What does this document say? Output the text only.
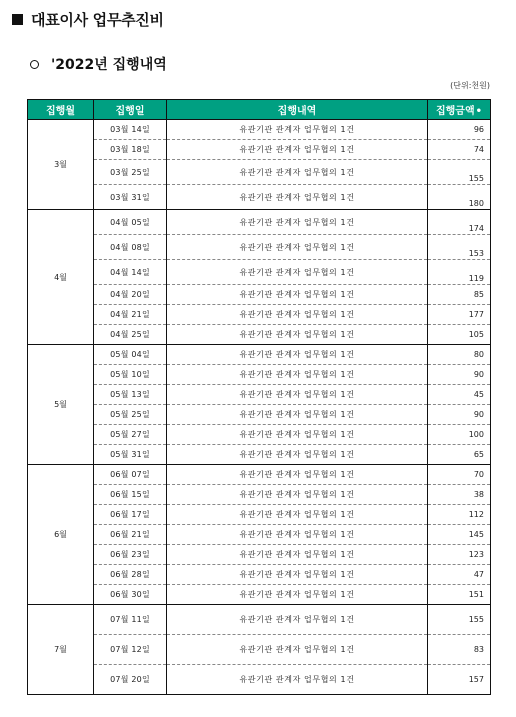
대표이사 업무추진비
'2022년 집행내역
(단위:천원)
집행월	집행일	집행내역	집행금액•
3월	03월 14일	유관기관 관계자 업무협의 1건	96
	03월 18일	유관기관 관계자 업무협의 1건	74
	03월 25일	유관기관 관계자 업무협의 1건	155
	03월 31일	유관기관 관계자 업무협의 1건	180
4월	04월 05일	유관기관 관계자 업무협의 1건	174
	04월 08일	유관기관 관계자 업무협의 1건	153
	04월 14일	유관기관 관계자 업무협의 1건	119
	04월 20일	유관기관 관계자 업무협의 1건	85
	04월 21일	유관기관 관계자 업무협의 1건	177
	04월 25일	유관기관 관계자 업무협의 1건	105
5월	05월 04일	유관기관 관계자 업무협의 1건	80
	05월 10일	유관기관 관계자 업무협의 1건	90
	05월 13일	유관기관 관계자 업무협의 1건	45
	05월 25일	유관기관 관계자 업무협의 1건	90
	05월 27일	유관기관 관계자 업무협의 1건	100
	05월 31일	유관기관 관계자 업무협의 1건	65
6월	06월 07일	유관기관 관계자 업무협의 1건	70
	06월 15일	유관기관 관계자 업무협의 1건	38
	06월 17일	유관기관 관계자 업무협의 1건	112
	06월 21일	유관기관 관계자 업무협의 1건	145
	06월 23일	유관기관 관계자 업무협의 1건	123
	06월 28일	유관기관 관계자 업무협의 1건	47
	06월 30일	유관기관 관계자 업무협의 1건	151
7월	07월 11일	유관기관 관계자 업무협의 1건	155
	07월 12일	유관기관 관계자 업무협의 1건	83
	07월 20일	유관기관 관계자 업무협의 1건	157
